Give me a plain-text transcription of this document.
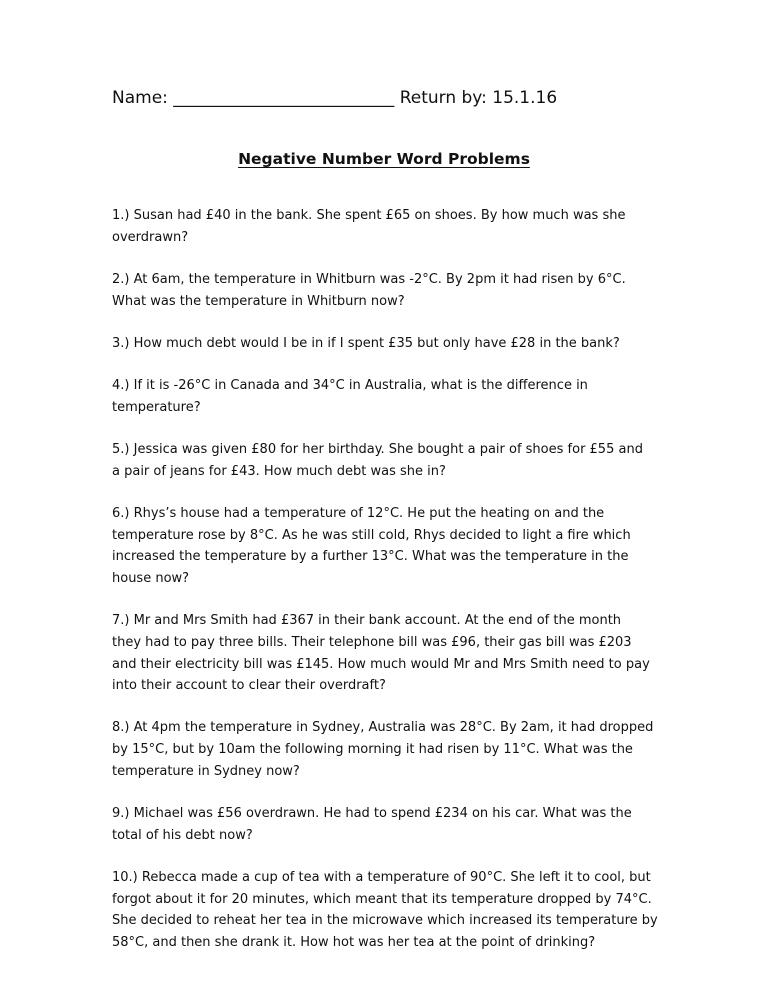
Name: __________________________ Return by: 15.1.16
Negative Number Word Problems

1.) Susan had £40 in the bank. She spent £65 on shoes. By how much was she
overdrawn?

2.) At 6am, the temperature in Whitburn was -2°C. By 2pm it had risen by 6°C.
What was the temperature in Whitburn now?

3.) How much debt would I be in if I spent £35 but only have £28 in the bank?

4.) If it is -26°C in Canada and 34°C in Australia, what is the difference in
temperature?

5.) Jessica was given £80 for her birthday. She bought a pair of shoes for £55 and
a pair of jeans for £43. How much debt was she in?

6.) Rhys’s house had a temperature of 12°C. He put the heating on and the
temperature rose by 8°C. As he was still cold, Rhys decided to light a fire which
increased the temperature by a further 13°C. What was the temperature in the
house now?

7.) Mr and Mrs Smith had £367 in their bank account. At the end of the month
they had to pay three bills. Their telephone bill was £96, their gas bill was £203
and their electricity bill was £145. How much would Mr and Mrs Smith need to pay
into their account to clear their overdraft?

8.) At 4pm the temperature in Sydney, Australia was 28°C. By 2am, it had dropped
by 15°C, but by 10am the following morning it had risen by 11°C. What was the
temperature in Sydney now?

9.) Michael was £56 overdrawn. He had to spend £234 on his car. What was the
total of his debt now?

10.) Rebecca made a cup of tea with a temperature of 90°C. She left it to cool, but
forgot about it for 20 minutes, which meant that its temperature dropped by 74°C.
She decided to reheat her tea in the microwave which increased its temperature by
58°C, and then she drank it. How hot was her tea at the point of drinking?
